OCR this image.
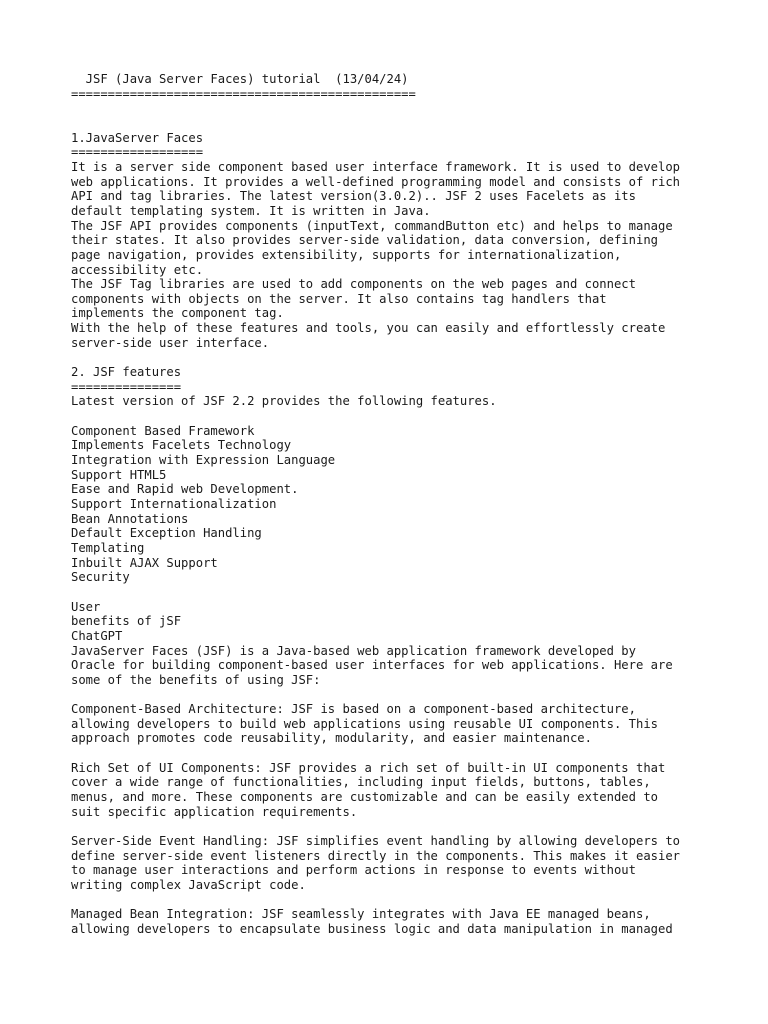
JSF (Java Server Faces) tutorial  (13/04/24)
===============================================
1.JavaServer Faces
==================
It is a server side component based user interface framework. It is used to develop
web applications. It provides a well-defined programming model and consists of rich
API and tag libraries. The latest version(3.0.2).. JSF 2 uses Facelets as its
default templating system. It is written in Java.
The JSF API provides components (inputText, commandButton etc) and helps to manage
their states. It also provides server-side validation, data conversion, defining
page navigation, provides extensibility, supports for internationalization,
accessibility etc.
The JSF Tag libraries are used to add components on the web pages and connect
components with objects on the server. It also contains tag handlers that
implements the component tag.
With the help of these features and tools, you can easily and effortlessly create
server-side user interface.
2. JSF features
===============
Latest version of JSF 2.2 provides the following features.
Component Based Framework
Implements Facelets Technology
Integration with Expression Language
Support HTML5
Ease and Rapid web Development.
Support Internationalization
Bean Annotations
Default Exception Handling
Templating
Inbuilt AJAX Support
Security
User
benefits of jSF
ChatGPT
JavaServer Faces (JSF) is a Java-based web application framework developed by
Oracle for building component-based user interfaces for web applications. Here are
some of the benefits of using JSF:
Component-Based Architecture: JSF is based on a component-based architecture,
allowing developers to build web applications using reusable UI components. This
approach promotes code reusability, modularity, and easier maintenance.
Rich Set of UI Components: JSF provides a rich set of built-in UI components that
cover a wide range of functionalities, including input fields, buttons, tables,
menus, and more. These components are customizable and can be easily extended to
suit specific application requirements.
Server-Side Event Handling: JSF simplifies event handling by allowing developers to
define server-side event listeners directly in the components. This makes it easier
to manage user interactions and perform actions in response to events without
writing complex JavaScript code.
Managed Bean Integration: JSF seamlessly integrates with Java EE managed beans,
allowing developers to encapsulate business logic and data manipulation in managed
